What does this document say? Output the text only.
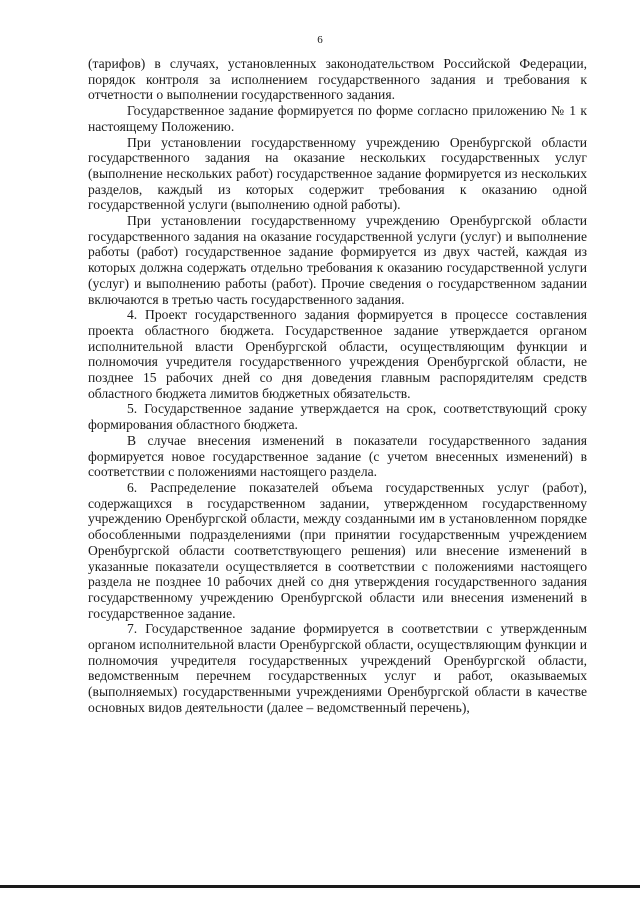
6

(тарифов) в случаях, установленных законодательством Российской Федерации, порядок контроля за исполнением государственного задания и требования к отчетности о выполнении государственного задания.

Государственное задание формируется по форме согласно приложению № 1 к настоящему Положению.

При установлении государственному учреждению Оренбургской области государственного задания на оказание нескольких государственных услуг (выполнение нескольких работ) государственное задание формируется из нескольких разделов, каждый из которых содержит требования к оказанию одной государственной услуги (выполнению одной работы).

При установлении государственному учреждению Оренбургской области государственного задания на оказание государственной услуги (услуг) и выполнение работы (работ) государственное задание формируется из двух частей, каждая из которых должна содержать отдельно требования к оказанию государственной услуги (услуг) и выполнению работы (работ). Прочие сведения о государственном задании включаются в третью часть государственного задания.

4. Проект государственного задания формируется в процессе составления проекта областного бюджета. Государственное задание утверждается органом исполнительной власти Оренбургской области, осуществляющим функции и полномочия учредителя государственного учреждения Оренбургской области, не позднее 15 рабочих дней со дня доведения главным распорядителям средств областного бюджета лимитов бюджетных обязательств.

5. Государственное задание утверждается на срок, соответствующий сроку формирования областного бюджета.

В случае внесения изменений в показатели государственного задания формируется новое государственное задание (с учетом внесенных изменений) в соответствии с положениями настоящего раздела.

6. Распределение показателей объема государственных услуг (работ), содержащихся в государственном задании, утвержденном государственному учреждению Оренбургской области, между созданными им в установленном порядке обособленными подразделениями (при принятии государственным учреждением Оренбургской области соответствующего решения) или внесение изменений в указанные показатели осуществляется в соответствии с положениями настоящего раздела не позднее 10 рабочих дней со дня утверждения государственного задания государственному учреждению Оренбургской области или внесения изменений в государственное задание.

7. Государственное задание формируется в соответствии с утвержденным органом исполнительной власти Оренбургской области, осуществляющим функции и полномочия учредителя государственных учреждений Оренбургской области, ведомственным перечнем государственных услуг и работ, оказываемых (выполняемых) государственными учреждениями Оренбургской области в качестве основных видов деятельности (далее – ведомственный перечень),
